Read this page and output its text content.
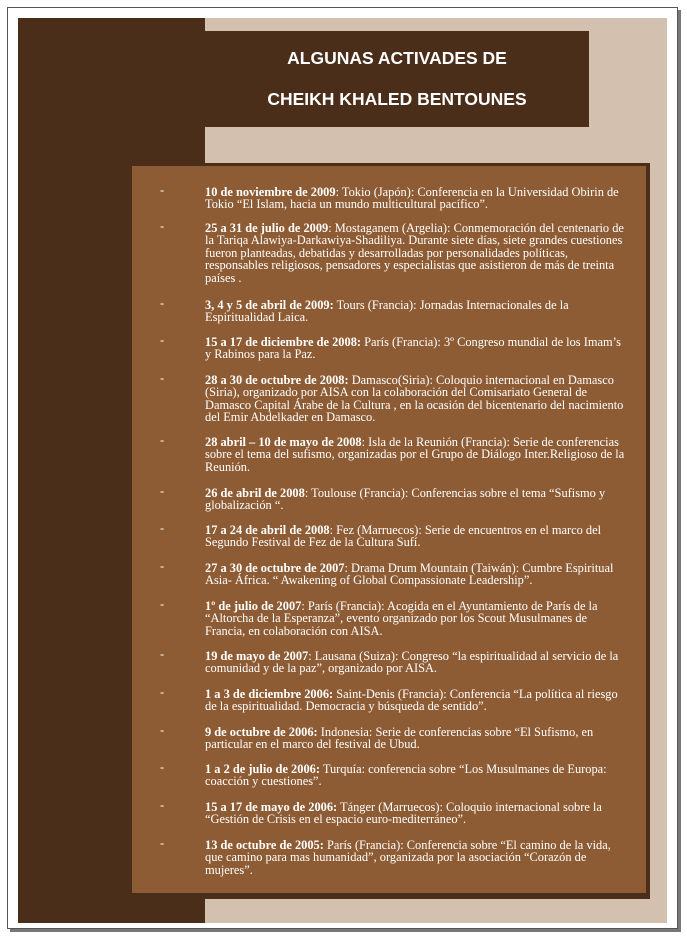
ALGUNAS ACTIVADES DE
CHEIKH KHALED BENTOUNES
-	10 de noviembre de 2009: Tokio (Japón): Conferencia en la Universidad Obirin de Tokio “El Islam, hacia un mundo multicultural pacífico”.
-	25 a 31 de julio de 2009: Mostaganem (Argelia): Conmemoración del centenario de la Tariqa Alawiya-Darkawiya-Shadiliya. Durante siete días, siete grandes cuestiones fueron planteadas, debatidas y desarrolladas por personalidades políticas, responsables religiosos, pensadores y especialistas que asistieron de más de treinta países .
-	3, 4 y 5 de abril de 2009: Tours (Francia): Jornadas Internacionales de la Espiritualidad Laica.
-	15 a 17 de diciembre de 2008: París (Francia): 3º Congreso mundial de los Imam’s y Rabinos para la Paz.
-	28 a 30 de octubre de 2008: Damasco(Siria): Coloquio internacional en Damasco (Siria), organizado por AISA con la colaboración del Comisariato General de Damasco Capital Árabe de la Cultura , en la ocasión del bicentenario del nacimiento del Emir Abdelkader en Damasco.
-	28 abril – 10 de mayo de 2008: Isla de la Reunión (Francia): Serie de conferencias sobre el tema del sufismo, organizadas por el Grupo de Diálogo Inter.Religioso de la Reunión.
-	26 de abril de 2008: Toulouse (Francia): Conferencias sobre el tema “Sufismo y globalización “.
-	17 a 24 de abril de 2008: Fez (Marruecos): Serie de encuentros en el marco del Segundo Festival de Fez de la Cultura Sufí.
-	27 a 30 de octubre de 2007: Drama Drum Mountain (Taiwán): Cumbre Espiritual Asia- África. “ Awakening of Global Compassionate Leadership”.
-	1º de julio de 2007: París (Francia): Acogida en el Ayuntamiento de París de la “Altorcha de la Esperanza”, evento organizado por los Scout Musulmanes de Francia, en colaboración con AISA.
-	19 de mayo de 2007: Lausana (Suiza): Congreso “la espiritualidad al servicio de la comunidad y de la paz”, organizado por AISA.
-	1 a 3 de diciembre 2006: Saint-Denis (Francia): Conferencia “La política al riesgo de la espiritualidad. Democracia y búsqueda de sentido”.
-	9 de octubre de 2006: Indonesia: Serie de conferencias sobre “El Sufismo, en particular en el marco del festival de Ubud.
-	1 a 2 de julio de 2006: Turquía: conferencia sobre “Los Musulmanes de Europa: coacción y cuestiones”.
-	15 a 17 de mayo de 2006: Tánger (Marruecos): Coloquio internacional sobre la “Gestión de Crisis en el espacio euro-mediterráneo”.
-	13 de octubre de 2005: París (Francia): Conferencia sobre “El camino de la vida, que camino para mas humanidad”, organizada por la asociación “Corazón de mujeres”.
